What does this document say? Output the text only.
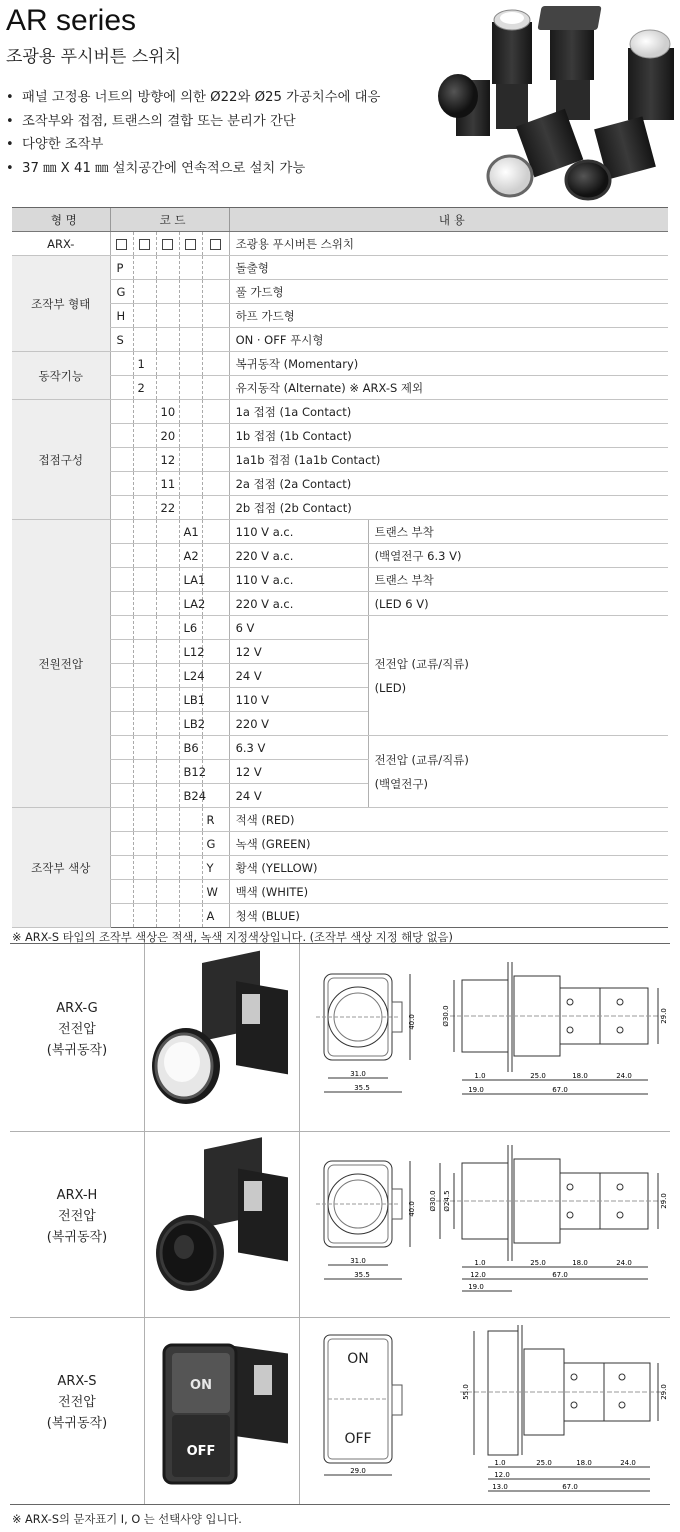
AR series
조광용 푸시버튼 스위치
• 패널 고정용 너트의 방향에 의한 Ø22와 Ø25 가공치수에 대응
• 조작부와 접점, 트랜스의 결합 또는 분리가 간단
• 다양한 조작부
• 37 ㎜ X 41 ㎜ 설치공간에 연속적으로 설치 가능
형 명	코 드					내 용	
ARX-						조광용 푸시버튼 스위치	
조작부 형태	P					돌출형	
	G					풀 가드형	
	H					하프 가드형	
	S					ON · OFF 푸시형	
동작기능		1				복귀동작 (Momentary)	
		2				유지동작 (Alternate) ※ ARX-S 제외	
접점구성			10			1a 접점 (1a Contact)	
			20			1b 접점 (1b Contact)	
			12			1a1b 접점 (1a1b Contact)	
			11			2a 접점 (2a Contact)	
			22			2b 접점 (2b Contact)	
전원전압				A1		110 V a.c.	트랜스 부착
				A2		220 V a.c.	(백열전구 6.3 V)
				LA1		110 V a.c.	트랜스 부착
				LA2		220 V a.c.	(LED 6 V)
				L6		6 V	전전압 (교류/직류)
(LED)

				L12		12 V	
				L24		24 V	
				LB1		110 V	
				LB2		220 V	
				B6		6.3 V	전전압 (교류/직류)
(백열전구)

				B12		12 V	
				B24		24 V	
조작부 색상					R	적색 (RED)	
					G	녹색 (GREEN)	
					Y	황색 (YELLOW)	
					W	백색 (WHITE)	
					A	청색 (BLUE)	
※ ARX-S 타입의 조작부 색상은 적색, 녹색 지정색상입니다. (조작부 색상 지정 해당 없음)
ARX-G
전전압
(복귀동작)
40.0
31.0
35.5
Ø30.0	29.0
1.0	25.0	18.0	24.0
19.0	67.0
ARX-H
전전압
(복귀동작)
40.0
31.0
35.5
Ø30.0 Ø24.5	29.0
1.0	25.0	18.0	24.0
12.0	67.0
19.0
ARX-S
전전압
(복귀동작)
ON
OFF
ON
OFF
29.0
55.0	29.0
1.0	25.0	18.0	24.0
12.0
13.0	67.0
※ ARX-S의 문자표기 I, O 는 선택사양 입니다.
